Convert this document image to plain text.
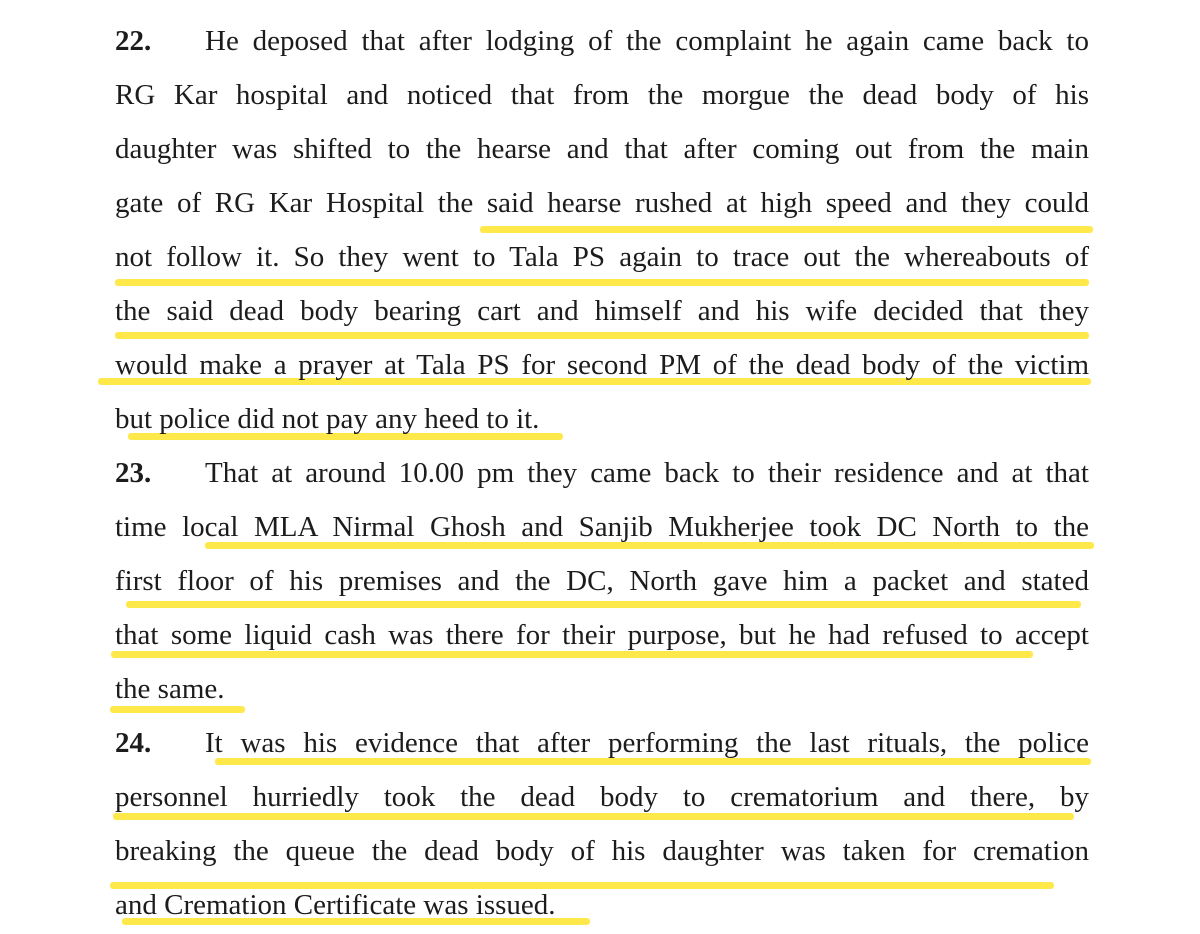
22. He deposed that after lodging of the complaint he again came back to
RG Kar hospital and noticed that from the morgue the dead body of his
daughter was shifted to the hearse and that after coming out from the main
gate of RG Kar Hospital the said hearse rushed at high speed and they could
not follow it. So they went to Tala PS again to trace out the whereabouts of
the said dead body bearing cart and himself and his wife decided that they
would make a prayer at Tala PS for second PM of the dead body of the victim
but police did not pay any heed to it.
23. That at around 10.00 pm they came back to their residence and at that
time local MLA Nirmal Ghosh and Sanjib Mukherjee took DC North to the
first floor of his premises and the DC, North gave him a packet and stated
that some liquid cash was there for their purpose, but he had refused to accept
the same.
24. It was his evidence that after performing the last rituals, the police
personnel hurriedly took the dead body to crematorium and there, by
breaking the queue the dead body of his daughter was taken for cremation
and Cremation Certificate was issued.
